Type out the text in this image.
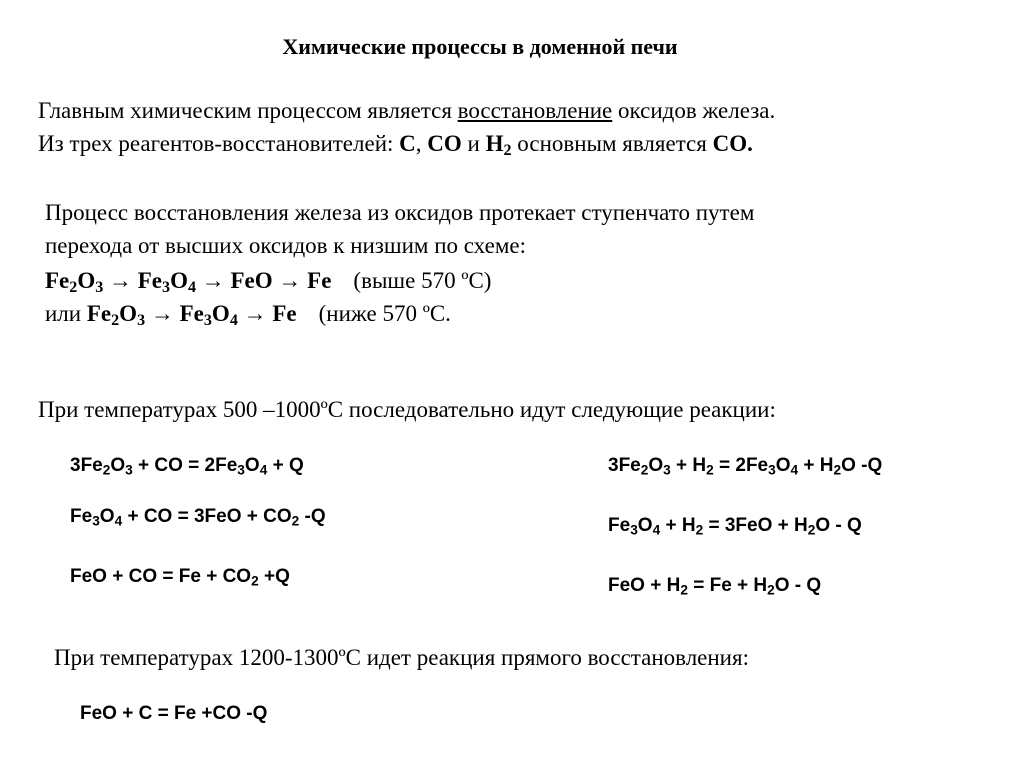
Химические процессы в доменной печи
Главным химическим процессом является восстановление оксидов железа.
Из трех реагентов-восстановителей: С, СО и $Н_2$ основным является СО.
Процесс восстановления железа из оксидов протекает ступенчато путем
перехода от высших оксидов к низшим по схеме:
$Fe_2O_3 \to Fe_3O_4$ → FeO → Fe (выше 570 ºС)
или $Fe_2O_3 \to Fe_3O_4 \to Fe$ (ниже 570 ºС.
При температурах 500 –1000ºС последовательно идут следующие реакции:
$3Fe_2O_3$ + CO = $2Fe_3O_4 + Q$
$Fe_3O_4$ + CO = $3FeO + CO_2$ -Q
FeO + CO = $Fe + CO_2 +Q$
$3Fe_2O_3 + H_2 = 2Fe_3O_4 + H_2O$ -Q
$Fe_3O_4 + H_2 = 3FeO + H_2O - Q$
FeO + $H_2 = Fe + H_2O - Q$
При температурах 1200-1300ºС идет реакция прямого восстановления:
FeO + C = Fe +CO -Q
